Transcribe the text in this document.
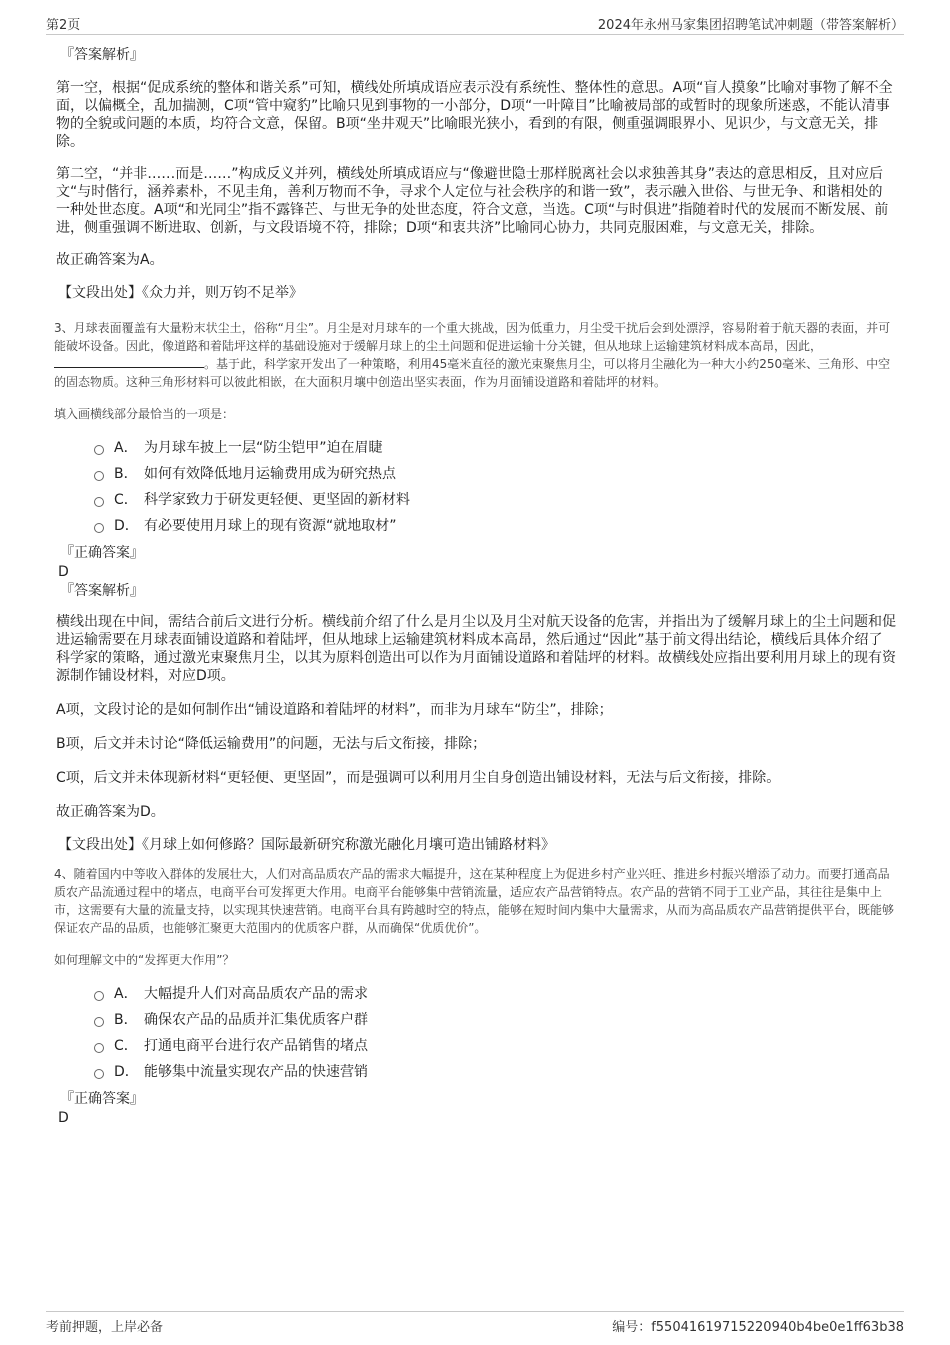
第2页	2024年永州马家集团招聘笔试冲刺题（带答案解析）
『答案解析』

第一空，根据“促成系统的整体和谐关系”可知，横线处所填成语应表示没有系统性、整体性的意思。A项“盲人摸象”比喻对事物了解不全面，以偏概全，乱加揣测，C项“管中窥豹”比喻只见到事物的一小部分，D项“一叶障目”比喻被局部的或暂时的现象所迷惑，不能认清事物的全貌或问题的本质，均符合文意，保留。B项“坐井观天”比喻眼光狭小，看到的有限，侧重强调眼界小、见识少，与文意无关，排除。

第二空，“并非……而是……”构成反义并列，横线处所填成语应与“像避世隐士那样脱离社会以求独善其身”表达的意思相反，且对应后文“与时偕行，涵养素朴，不见圭角，善利万物而不争，寻求个人定位与社会秩序的和谐一致”，表示融入世俗、与世无争、和谐相处的一种处世态度。A项“和光同尘”指不露锋芒、与世无争的处世态度，符合文意，当选。C项“与时俱进”指随着时代的发展而不断发展、前进，侧重强调不断进取、创新，与文段语境不符，排除；D项“和衷共济”比喻同心协力，共同克服困难，与文意无关，排除。

故正确答案为A。

【文段出处】《众力并，则万钧不足举》

3、月球表面覆盖有大量粉末状尘土，俗称“月尘”。月尘是对月球车的一个重大挑战，因为低重力，月尘受干扰后会到处漂浮，容易附着于航天器的表面，并可能破坏设备。因此，像道路和着陆坪这样的基础设施对于缓解月球上的尘土问题和促进运输十分关键，但从地球上运输建筑材料成本高昂，因此，。基于此，科学家开发出了一种策略，利用45毫米直径的激光束聚焦月尘，可以将月尘融化为一种大小约250毫米、三角形、中空的固态物质。这种三角形材料可以彼此相嵌，在大面积月壤中创造出坚实表面，作为月面铺设道路和着陆坪的材料。

填入画横线部分最恰当的一项是：

A． 为月球车披上一层“防尘铠甲”迫在眉睫
B． 如何有效降低地月运输费用成为研究热点
C． 科学家致力于研发更轻便、更坚固的新材料
D． 有必要使用月球上的现有资源“就地取材”
『正确答案』
D
『答案解析』

横线出现在中间，需结合前后文进行分析。横线前介绍了什么是月尘以及月尘对航天设备的危害，并指出为了缓解月球上的尘土问题和促进运输需要在月球表面铺设道路和着陆坪，但从地球上运输建筑材料成本高昂，然后通过“因此”基于前文得出结论，横线后具体介绍了科学家的策略，通过激光束聚焦月尘，以其为原料创造出可以作为月面铺设道路和着陆坪的材料。故横线处应指出要利用月球上的现有资源制作铺设材料，对应D项。

A项，文段讨论的是如何制作出“铺设道路和着陆坪的材料”，而非为月球车“防尘”，排除；

B项，后文并未讨论“降低运输费用”的问题，无法与后文衔接，排除；

C项，后文并未体现新材料“更轻便、更坚固”，而是强调可以利用月尘自身创造出铺设材料，无法与后文衔接，排除。

故正确答案为D。

【文段出处】《月球上如何修路？国际最新研究称激光融化月壤可造出铺路材料》

4、随着国内中等收入群体的发展壮大，人们对高品质农产品的需求大幅提升，这在某种程度上为促进乡村产业兴旺、推进乡村振兴增添了动力。而要打通高品质农产品流通过程中的堵点，电商平台可发挥更大作用。电商平台能够集中营销流量，适应农产品营销特点。农产品的营销不同于工业产品，其往往是集中上市，这需要有大量的流量支持，以实现其快速营销。电商平台具有跨越时空的特点，能够在短时间内集中大量需求，从而为高品质农产品营销提供平台，既能够保证农产品的品质，也能够汇聚更大范围内的优质客户群，从而确保“优质优价”。

如何理解文中的“发挥更大作用”？

A． 大幅提升人们对高品质农产品的需求
B． 确保农产品的品质并汇集优质客户群
C． 打通电商平台进行农产品销售的堵点
D． 能够集中流量实现农产品的快速营销
『正确答案』
D
考前押题，上岸必备	编号：f55041619715220940b4be0e1ff63b38
